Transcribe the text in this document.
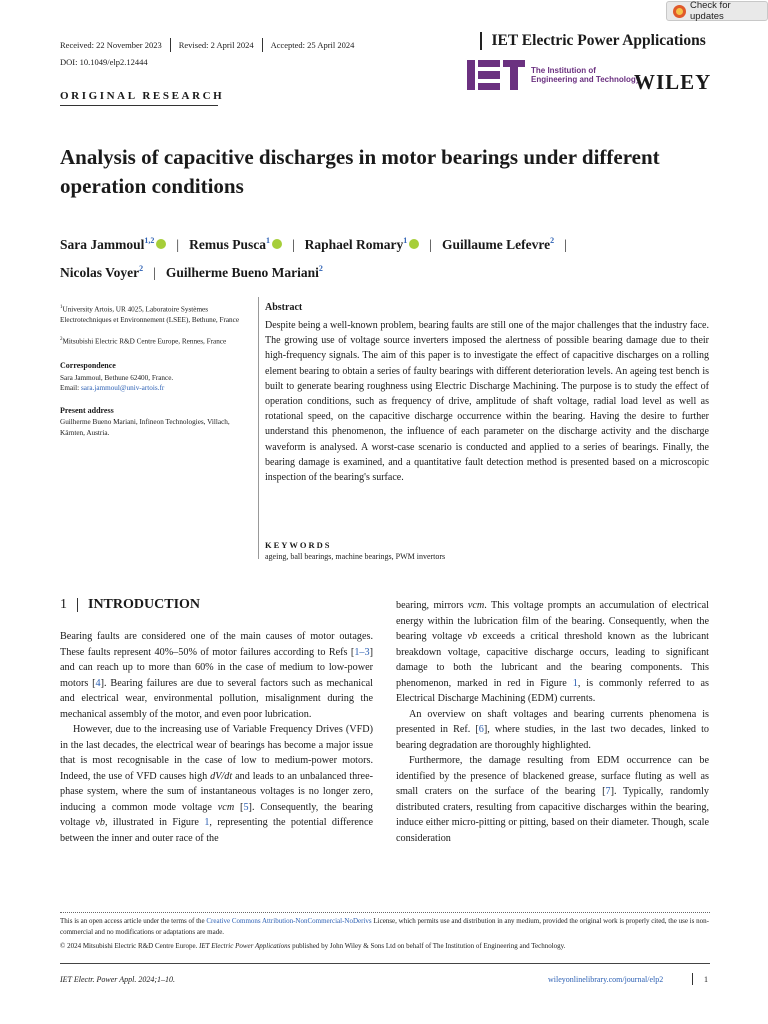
Check for updates
Received: 22 November 2023 Revised: 2 April 2024 Accepted: 25 April 2024
DOI: 10.1049/elp2.12444
IET Electric Power Applications
The Institution of
Engineering and Technology
WILEY
ORIGINAL RESEARCH
Analysis of capacitive discharges in motor bearings under different operation conditions
Sara Jammoul$^{1,2}$ | Remus Pusca$^1$ | Raphael Romary$^1$ | Guillaume Lefevre$^2$ |
Nicolas Voyer$^2$ | Guilherme Bueno Mariani$^2$

$^1$University Artois, UR 4025, Laboratoire Systèmes Electrotechniques et Environnement (LSEE), Bethune, France

$^2$Mitsubishi Electric R&D Centre Europe, Rennes, France

Correspondence
Sara Jammoul, Bethune 62400, France.

Email: sara.jammoul@univ-artois.fr

Present address
Guilherme Bueno Mariani, Infineon Technologies, Villach, Kärnten, Austria.
Abstract
Despite being a well-known problem, bearing faults are still one of the major challenges that the industry face. The growing use of voltage source inverters imposed the alertness of possible bearing damage due to their high-frequency signals. The aim of this paper is to investigate the effect of capacitive discharges on a rolling element bearing to obtain a series of faulty bearings with different deterioration levels. An ageing test bench is built to generate bearing roughness using Electric Discharge Machining. The purpose is to study the effect of operation conditions, such as frequency of drive, amplitude of shaft voltage, radial load level as well as rotational speed, on the capacitive discharge occurrence within the bearing. Having the desire to further understand this phenomenon, the influence of each parameter on the discharge activity and the discharge waveform is analysed. A worst-case scenario is conducted and applied to a series of bearings. Finally, the bearing damage is examined, and a quantitative fault detection method is presented based on a microscopic inspection of the bearing's surface.
KEYWORDS
ageing, ball bearings, machine bearings, PWM invertors
1 INTRODUCTION

Bearing faults are considered one of the main causes of motor outages. These faults represent 40%–50% of motor failures according to Refs [1–3] and can reach up to more than 60% in the case of medium to low-power motors [4]. Bearing failures are due to several factors such as mechanical and electrical wear, environmental pollution, misalignment during the mechanical assembly of the motor, and even poor lubrication.

However, due to the increasing use of Variable Frequency Drives (VFD) in the last decades, the electrical wear of bearings has become a major issue that is most recognisable in the case of low to medium-power motors. Indeed, the use of VFD causes high dV/dt and leads to an unbalanced three-phase system, where the sum of instantaneous voltages is no longer zero, inducing a common mode voltage vcm [5]. Consequently, the bearing voltage vb, illustrated in Figure 1, representing the potential difference between the inner and outer race of the

bearing, mirrors vcm. This voltage prompts an accumulation of electrical energy within the lubrication film of the bearing. Consequently, when the bearing voltage vb exceeds a critical threshold known as the lubricant breakdown voltage, capacitive discharge occurs, leading to significant damage to both the lubricant and the bearing components. This phenomenon, marked in red in Figure 1, is commonly referred to as Electrical Discharge Machining (EDM) currents.

An overview on shaft voltages and bearing currents phenomena is presented in Ref. [6], where studies, in the last two decades, linked to bearing degradation are thoroughly highlighted.

Furthermore, the damage resulting from EDM occurrence can be identified by the presence of blackened grease, surface fluting as well as small craters on the surface of the bearing [7]. Typically, randomly distributed craters, resulting from capacitive discharges within the bearing, induce either micro-pitting or pitting, based on their diameter. Though, scale consideration

This is an open access article under the terms of the Creative Commons Attribution-NonCommercial-NoDerivs License, which permits use and distribution in any medium, provided the original work is properly cited, the use is non-commercial and no modifications or adaptations are made.

© 2024 Mitsubishi Electric R&D Centre Europe. IET Electric Power Applications published by John Wiley & Sons Ltd on behalf of The Institution of Engineering and Technology.

IET Electr. Power Appl. 2024;1–10.	wileyonlinelibrary.com/journal/elp2	1
